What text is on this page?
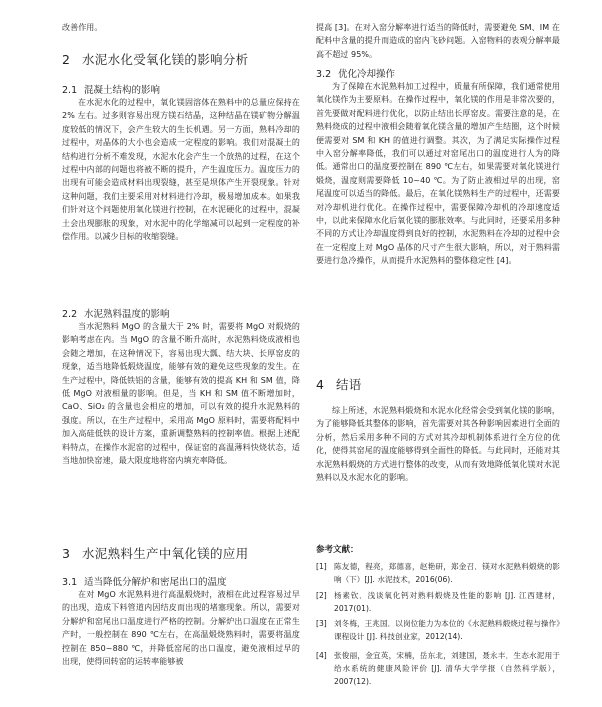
改善作用。

2 水泥水化受氧化镁的影响分析
2.1 混凝土结构的影响

在水泥水化的过程中，氧化镁固溶体在熟料中的总量应保持在 2% 左右。过多则容易出现方镁石结晶，这种结晶在镁矿物分解温度较低的情况下，会产生较大的生长机遇。另一方面，熟料冷却的过程中，对晶体的大小也会造成一定程度的影响。我们对混凝土的结构进行分析不难发现，水泥水化会产生一个放热的过程，在这个过程中内部的问题也将被不断的提升，产生温度压力。温度压力的出现有可能会造成材料出现裂缝，甚至是坝体产生开裂现象。针对这种问题，我们主要采用对材料进行冷却，极易增加成本。如果我们针对这个问题使用氧化镁进行控制，在水泥硬化的过程中，混凝土会出现膨胀的现象，对水泥中的化学缩减可以起到一定程度的补偿作用。以减少目标的收缩裂缝。

2.2 水泥熟料温度的影响

当水泥熟料 MgO 的含量大于 2% 时，需要将 MgO 对煅烧的影响考虑在内。当 MgO 的含量不断升高时，水泥熟料烧成液相也会随之增加，在这种情况下，容易出现大瓢、结大块、长厚窑皮的现象，适当地降低煅烧温度，能够有效的避免这些现象的发生。在生产过程中，降低铁铝的含量，能够有效的提高 KH 和 SM 值，降低 MgO 对液相量的影响。但是，当 KH 和 SM 值不断增加时，CaO、SiO₂ 的含量也会相应的增加，可以有效的提升水泥熟料的强度。所以，在生产过程中，采用高 MgO 原料时，需要将配料中加入高硅低铁的设计方案，重新调整熟料的控制率值。根据上述配料特点，在操作水泥窑的过程中，保证窑的高温薄料快烧状态，适当地加快窑速，最大限度地将窑内填充率降低。

3 水泥熟料生产中氧化镁的应用
3.1 适当降低分解炉和密尾出口的温度

在对 MgO 水泥熟料进行高温煅烧时，液相在此过程容易过早的出现，造成下料管道内因结皮而出现的堵塞现象。所以，需要对分解炉和窑尾出口温度进行严格的控制。分解炉出口温度在正常生产时，一般控制在 890 ℃左右，在高温煅烧熟料时，需要将温度控制在 850~880 ℃，并降低窑尾的出口温度，避免液相过早的出现，使得回转窑的运转率能够被

提高 [3]。在对入窑分解率进行适当的降低时，需要避免 SM、IM 在配料中含量的提升而造成的窑内飞砂问题。入窑物料的表观分解率最高不超过 95%。

3.2 优化冷却操作

为了保障在水泥熟料加工过程中，质量有所保障，我们通常使用氧化镁作为主要原料。在操作过程中，氧化镁的作用是非常次要的，首先要做对配料进行优化，以防止结出长厚窑皮。需要注意的是，在熟料烧成的过程中液相会随着氧化镁含量的增加产生结圈，这个时候便需要对 SM 和 KH 的值进行调整。其次，为了满足实际操作过程中入窑分解率降低，我们可以通过对窑尾出口的温度进行人为的降低。通常出口的温度要控制在 890 ℃左右，如果需要对氧化镁进行煅烧，温度则需要降低 10~40 ℃。为了防止液相过早的出现，窑尾温度可以适当的降低。最后，在氧化镁熟料生产的过程中，还需要对冷却机进行优化。在操作过程中，需要保障冷却机的冷却速度适中，以此来保障水化后氧化镁的膨胀效率。与此同时，还要采用多种不同的方式让冷却温度得到良好的控制，水泥熟料在冷却的过程中会在一定程度上对 MgO 晶体的尺寸产生很大影响，所以，对于熟料需要进行急冷操作，从而提升水泥熟料的整体稳定性 [4]。

4 结语

综上所述，水泥熟料煅烧和水泥水化经常会受到氧化镁的影响，为了能够降低其整体的影响，首先需要对其各种影响因素进行全面的分析，然后采用多种不同的方式对其冷却机制体系进行全方位的优化，使得其窑尾的温度能够得到全面性的降低。与此同时，还能对其水泥熟料煅烧的方式进行整体的改变，从而有效地降低氧化镁对水泥熟料以及水泥水化的影响。

参考文献：
[1] 陈友德，程亮，郑德喜，赵艳研，郑金召．镁对水泥熟料煅烧的影响（下）[J]. 水泥技术，2016(06).
[2] 杨素钦．浅谈氧化钙对熟料煅烧及性能的影响 [J]. 江西建材，2017(01).
[3] 刘冬梅，王兆国．以岗位能力为本位的《水泥熟料煅烧过程与操作》课程设计 [J]. 科技创业家，2012(14).
[4] 张俊丽，金宜英，宋楠，岳东北，刘建国，聂永丰．生态水泥用于给水系统的健康风险评价 [J]. 清华大学学报（自然科学版），2007(12).
